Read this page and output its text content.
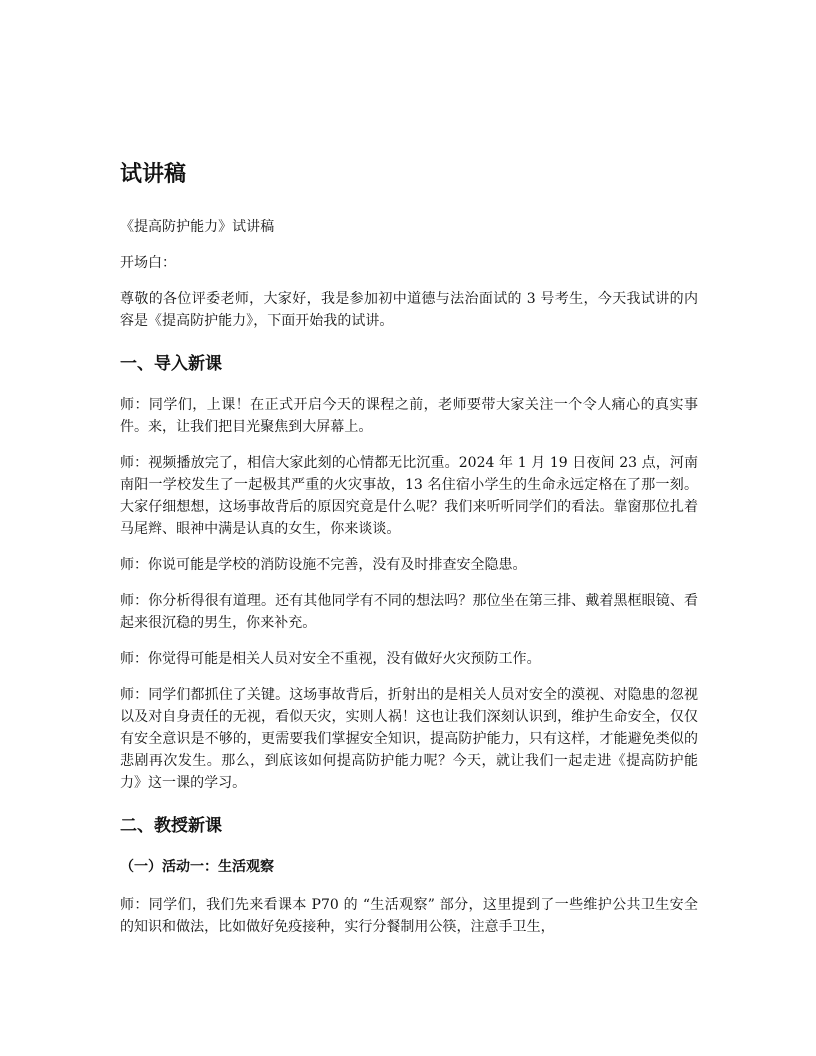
试讲稿

《提高防护能力》试讲稿

开场白：

尊敬的各位评委老师，大家好，我是参加初中道德与法治面试的 3 号考生，今天我试讲的内容是《提高防护能力》，下面开始我的试讲。

一、导入新课

师：同学们，上课！在正式开启今天的课程之前，老师要带大家关注一个令人痛心的真实事件。来，让我们把目光聚焦到大屏幕上。

师：视频播放完了，相信大家此刻的心情都无比沉重。2024 年 1 月 19 日夜间 23 点，河南南阳一学校发生了一起极其严重的火灾事故，13 名住宿小学生的生命永远定格在了那一刻。大家仔细想想，这场事故背后的原因究竟是什么呢？我们来听听同学们的看法。靠窗那位扎着马尾辫、眼神中满是认真的女生，你来谈谈。

师：你说可能是学校的消防设施不完善，没有及时排查安全隐患。

师：你分析得很有道理。还有其他同学有不同的想法吗？那位坐在第三排、戴着黑框眼镜、看起来很沉稳的男生，你来补充。

师：你觉得可能是相关人员对安全不重视，没有做好火灾预防工作。

师：同学们都抓住了关键。这场事故背后，折射出的是相关人员对安全的漠视、对隐患的忽视以及对自身责任的无视，看似天灾，实则人祸！这也让我们深刻认识到，维护生命安全，仅仅有安全意识是不够的，更需要我们掌握安全知识，提高防护能力，只有这样，才能避免类似的悲剧再次发生。那么，到底该如何提高防护能力呢？今天，就让我们一起走进《提高防护能力》这一课的学习。

二、教授新课
（一）活动一：生活观察

师：同学们，我们先来看课本 P70 的 “生活观察” 部分，这里提到了一些维护公共卫生安全的知识和做法，比如做好免疫接种，实行分餐制用公筷，注意手卫生，
